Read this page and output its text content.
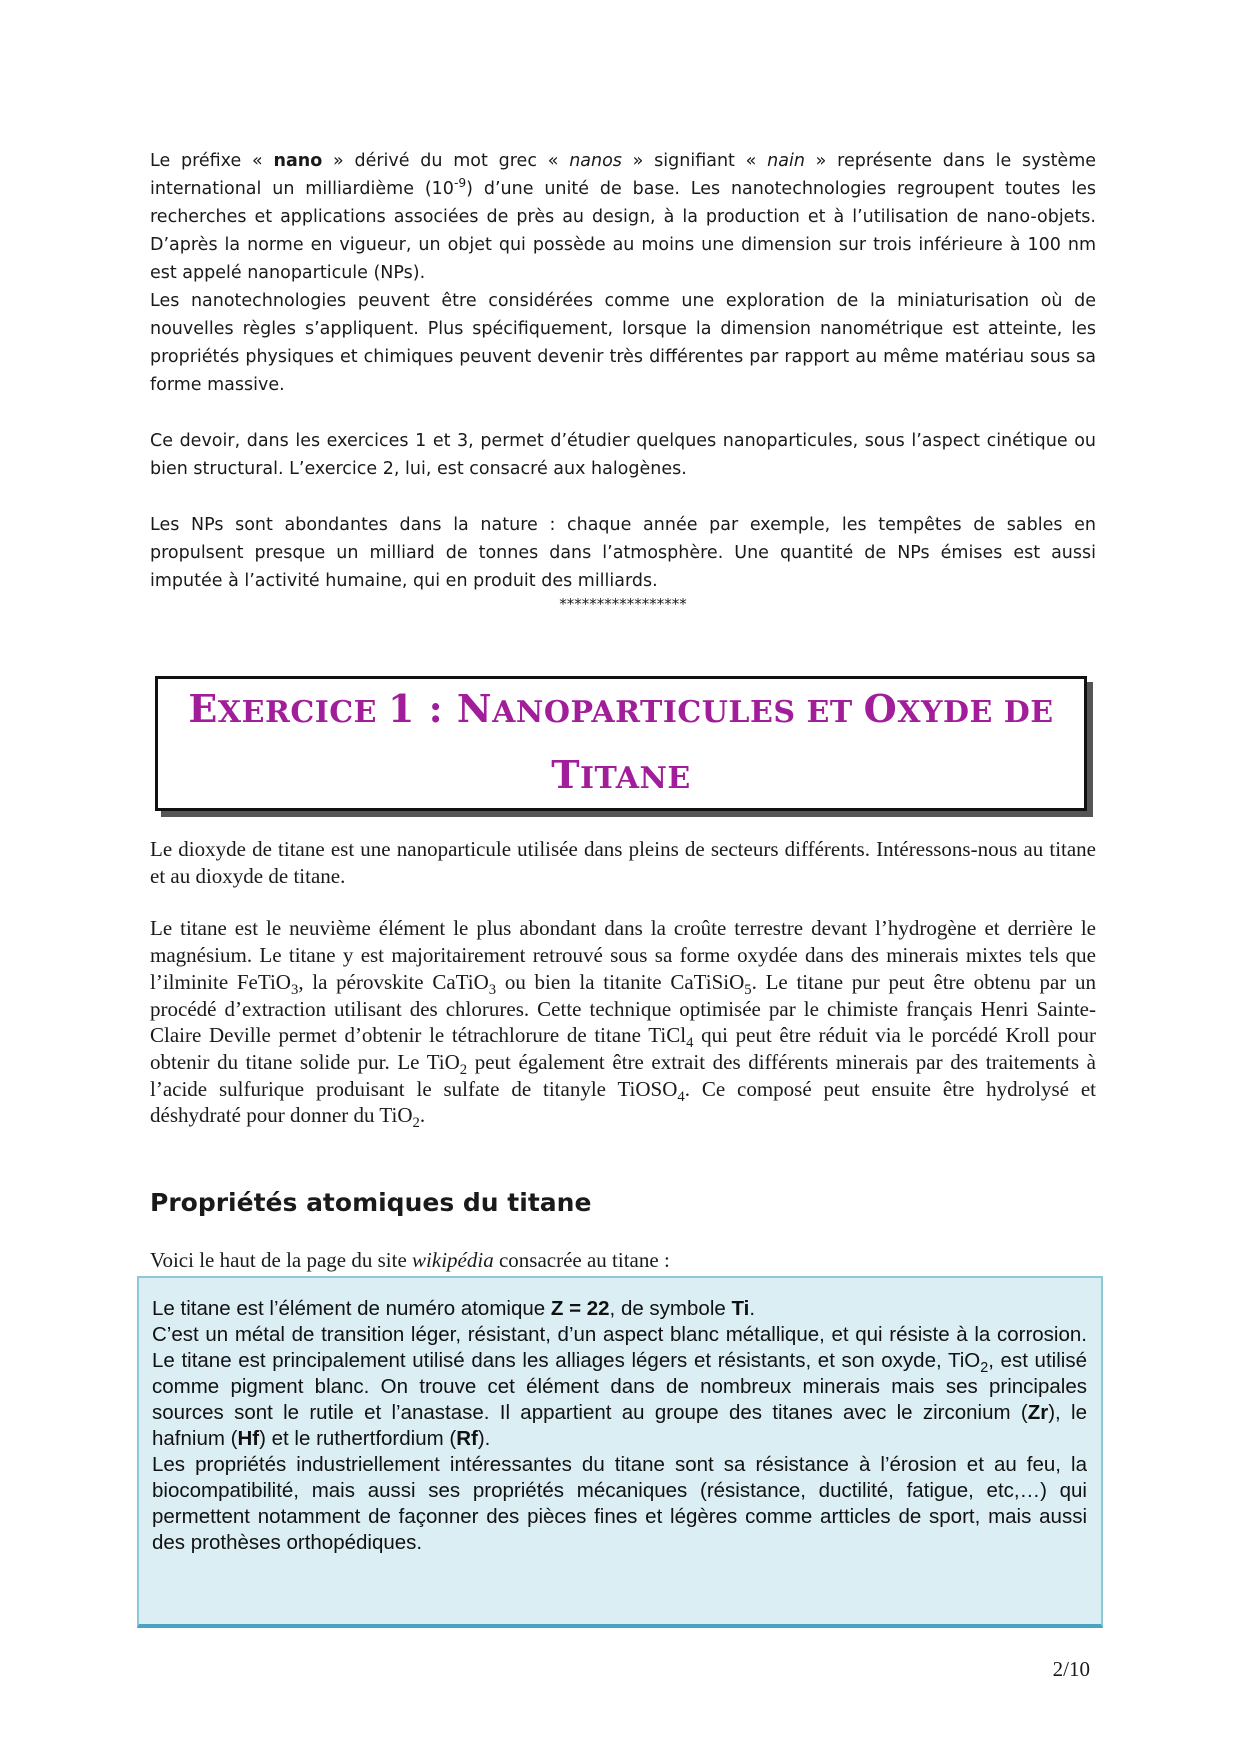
Le préfixe « nano » dérivé du mot grec « nanos » signifiant « nain » représente dans le système international un milliardième $(10^{-9})$ d’une unité de base. Les nanotechnologies regroupent toutes les recherches et applications associées de près au design, à la production et à l’utilisation de nano-objets. D’après la norme en vigueur, un objet qui possède au moins une dimension sur trois inférieure à 100 nm est appelé nanoparticule (NPs).

Les nanotechnologies peuvent être considérées comme une exploration de la miniaturisation où de nouvelles règles s’appliquent. Plus spécifiquement, lorsque la dimension nanométrique est atteinte, les propriétés physiques et chimiques peuvent devenir très différentes par rapport au même matériau sous sa forme massive.

Ce devoir, dans les exercices 1 et 3, permet d’étudier quelques nanoparticules, sous l’aspect cinétique ou bien structural. L’exercice 2, lui, est consacré aux halogènes.

Les NPs sont abondantes dans la nature : chaque année par exemple, les tempêtes de sables en propulsent presque un milliard de tonnes dans l’atmosphère. Une quantité de NPs émises est aussi imputée à l’activité humaine, qui en produit des milliards.

*****************
EXERCICE 1 : NANOPARTICULES ET OXYDE DE
TITANE

Le dioxyde de titane est une nanoparticule utilisée dans pleins de secteurs différents. Intéressons-nous au titane et au dioxyde de titane.

Le titane est le neuvième élément le plus abondant dans la croûte terrestre devant l’hydrogène et derrière le magnésium. Le titane y est majoritairement retrouvé sous sa forme oxydée dans des minerais mixtes tels que l’ilminite FeTiO$_3$, la pérovskite CaTiO$_3$ ou bien la titanite CaTiSiO$_5$. Le titane pur peut être obtenu par un procédé d’extraction utilisant des chlorures. Cette technique optimisée par le chimiste français Henri Sainte-Claire Deville permet d’obtenir le tétrachlorure de titane TiCl$_4$ qui peut être réduit via le porcédé Kroll pour obtenir du titane solide pur. Le TiO$_2$ peut également être extrait des différents minerais par des traitements à l’acide sulfurique produisant le sulfate de titanyle TiOSO$_4$. Ce composé peut ensuite être hydrolysé et déshydraté pour donner du TiO$_2$.

Propriétés atomiques du titane

Voici le haut de la page du site wikipédia consacrée au titane :

Le titane est l’élément de numéro atomique Z = 22, de symbole Ti.

C’est un métal de transition léger, résistant, d’un aspect blanc métallique, et qui résiste à la corrosion. Le titane est principalement utilisé dans les alliages légers et résistants, et son oxyde, TiO$_2$, est utilisé comme pigment blanc. On trouve cet élément dans de nombreux minerais mais ses principales sources sont le rutile et l’anastase. Il appartient au groupe des titanes avec le zirconium (Zr), le hafnium (Hf) et le ruthertfordium (Rf).

Les propriétés industriellement intéressantes du titane sont sa résistance à l’érosion et au feu, la biocompatibilité, mais aussi ses propriétés mécaniques (résistance, ductilité, fatigue, etc,…) qui permettent notamment de façonner des pièces fines et légères comme artticles de sport, mais aussi des prothèses orthopédiques.

2/10
